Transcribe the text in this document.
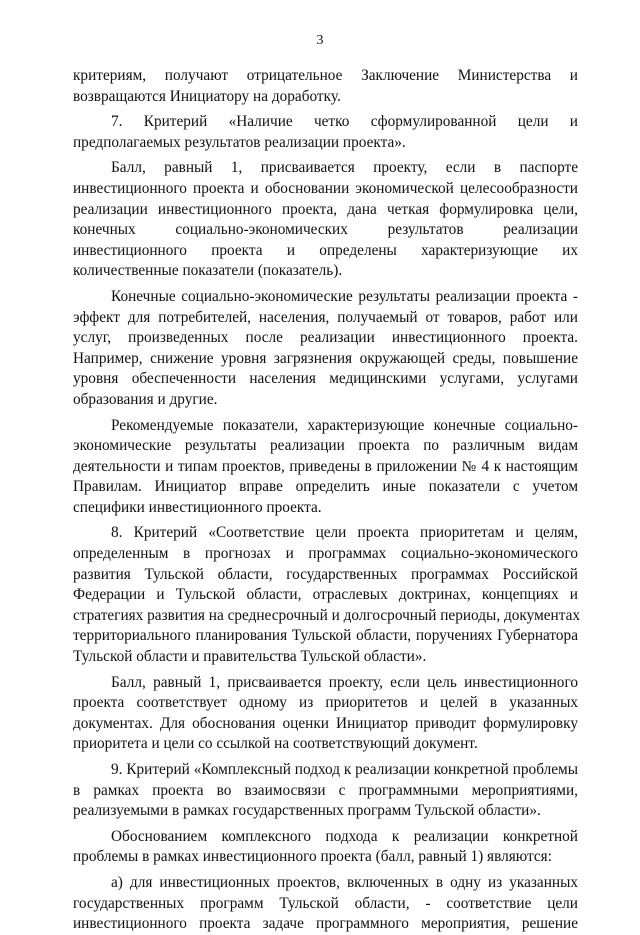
3
критериям, получают отрицательное Заключение Министерства и
возвращаются Инициатору на доработку.
7. Критерий «Наличие четко сформулированной цели и
предполагаемых результатов реализации проекта».
Балл, равный 1, присваивается проекту, если в паспорте
инвестиционного проекта и обосновании экономической целесообразности
реализации инвестиционного проекта, дана четкая формулировка цели,
конечных социально-экономических результатов реализации
инвестиционного проекта и определены характеризующие их
количественные показатели (показатель).
Конечные социально-экономические результаты реализации проекта -
эффект для потребителей, населения, получаемый от товаров, работ или
услуг, произведенных после реализации инвестиционного проекта.
Например, снижение уровня загрязнения окружающей среды, повышение
уровня обеспеченности населения медицинскими услугами, услугами
образования и другие.
Рекомендуемые показатели, характеризующие конечные социально-
экономические результаты реализации проекта по различным видам
деятельности и типам проектов, приведены в приложении № 4 к настоящим
Правилам. Инициатор вправе определить иные показатели с учетом
специфики инвестиционного проекта.
8. Критерий «Соответствие цели проекта приоритетам и целям,
определенным в прогнозах и программах социально-экономического
развития Тульской области, государственных программах Российской
Федерации и Тульской области, отраслевых доктринах, концепциях и
стратегиях развития на среднесрочный и долгосрочный периоды, документах
территориального планирования Тульской области, поручениях Губернатора
Тульской области и правительства Тульской области».
Балл, равный 1, присваивается проекту, если цель инвестиционного
проекта соответствует одному из приоритетов и целей в указанных
документах. Для обоснования оценки Инициатор приводит формулировку
приоритета и цели со ссылкой на соответствующий документ.
9. Критерий «Комплексный подход к реализации конкретной проблемы
в рамках проекта во взаимосвязи с программными мероприятиями,
реализуемыми в рамках государственных программ Тульской области».
Обоснованием комплексного подхода к реализации конкретной
проблемы в рамках инвестиционного проекта (балл, равный 1) являются:
а) для инвестиционных проектов, включенных в одну из указанных
государственных программ Тульской области, - соответствие цели
инвестиционного проекта задаче программного мероприятия, решение
